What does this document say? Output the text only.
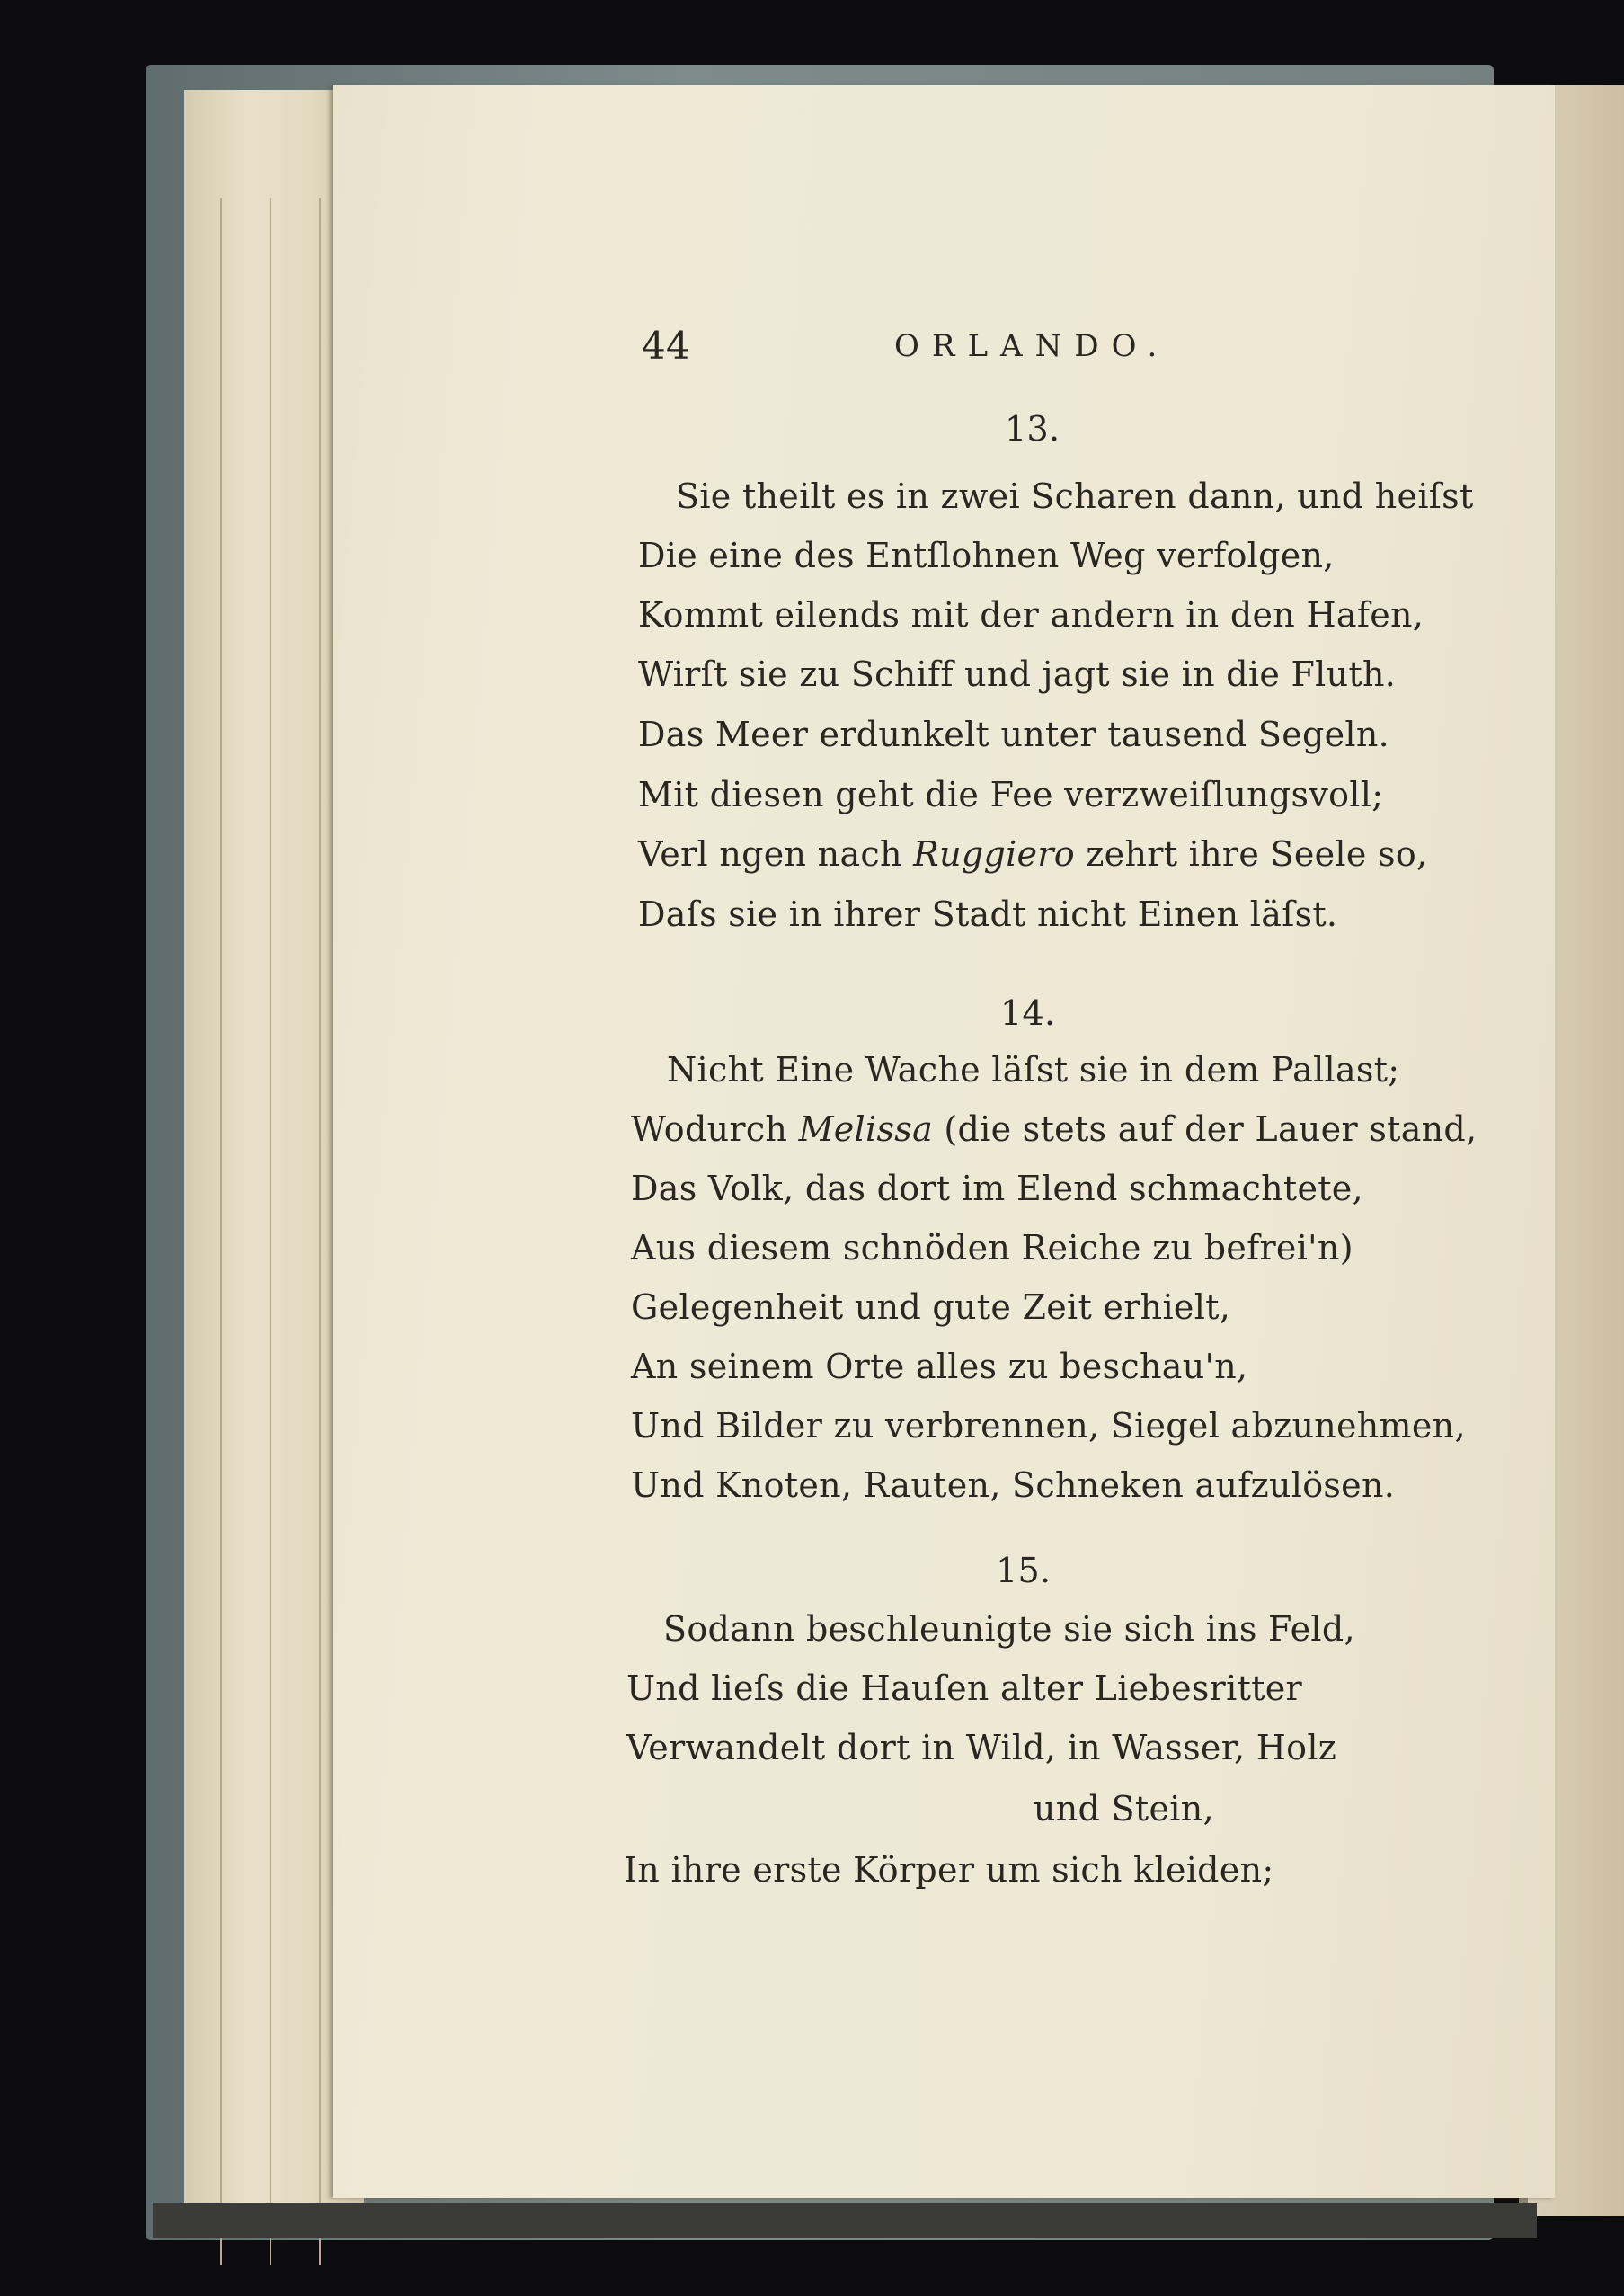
44	ORLANDO.
13.
Sie theilt es in zwei Scharen dann, und heiſst
Die eine des Entſlohnen Weg verfolgen,
Kommt eilends mit der andern in den Hafen,
Wirſt sie zu Schiff und jagt sie in die Fluth.
Das Meer erdunkelt unter tausend Segeln.
Mit diesen geht die Fee verzweiſlungsvoll;
Verl ngen nach Ruggiero zehrt ihre Seele so,
Daſs sie in ihrer Stadt nicht Einen läſst.
14.
Nicht Eine Wache läſst sie in dem Pallast;
Wodurch Melissa (die stets auf der Lauer stand,
Das Volk, das dort im Elend schmachtete,
Aus diesem schnöden Reiche zu befrei'n)
Gelegenheit und gute Zeit erhielt,
An seinem Orte alles zu beschau'n,
Und Bilder zu verbrennen, Siegel abzunehmen,
Und Knoten, Rauten, Schneken aufzulösen.
15.
Sodann beschleunigte sie sich ins Feld,
Und lieſs die Hauſen alter Liebesritter
Verwandelt dort in Wild, in Wasser, Holz
und Stein,
In ihre erste Körper um sich kleiden;
